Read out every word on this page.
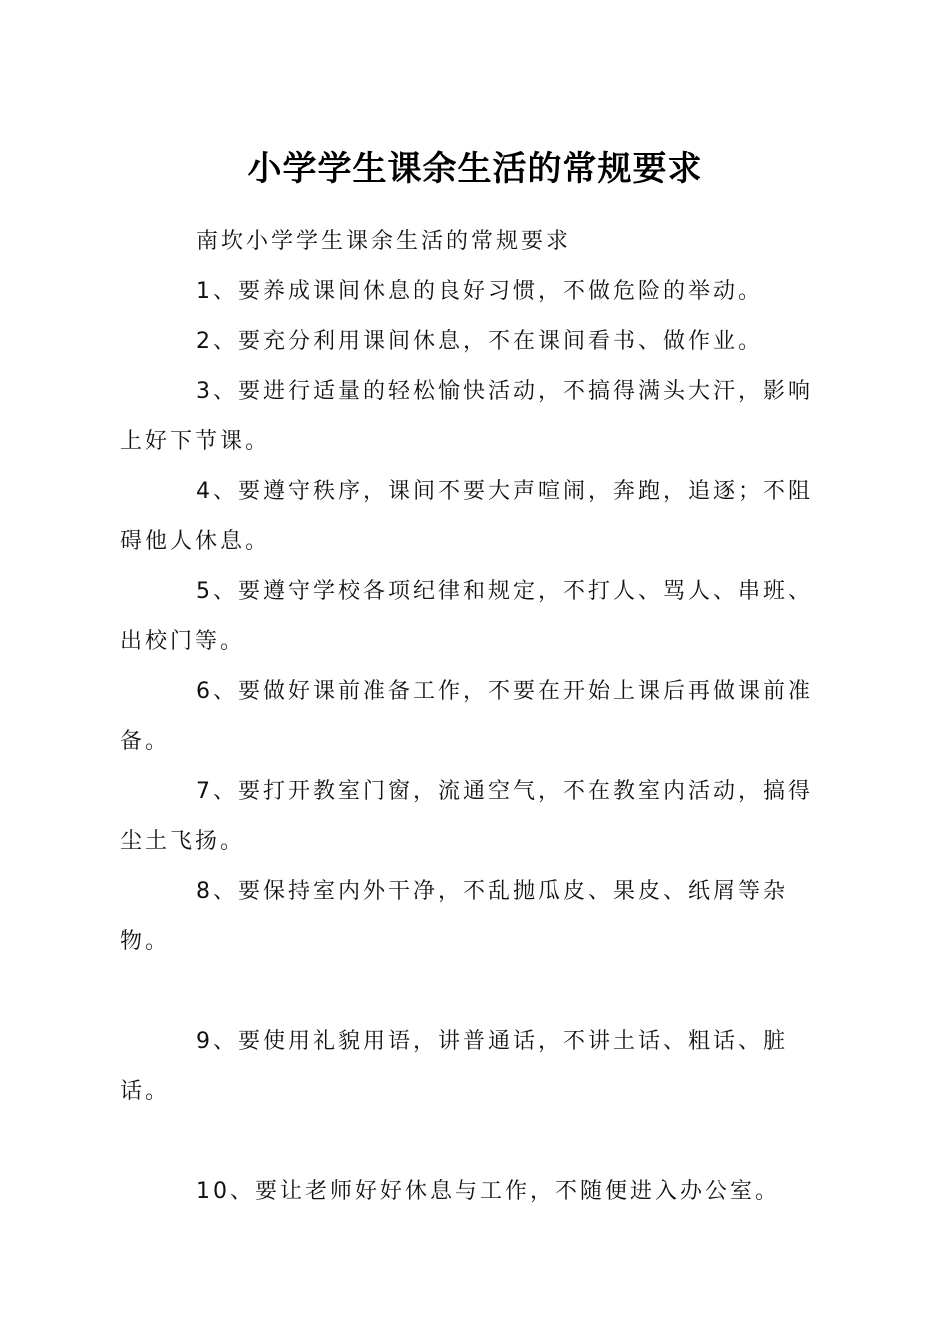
小学学生课余生活的常规要求

南坎小学学生课余生活的常规要求

1、要养成课间休息的良好习惯，不做危险的举动。

2、要充分利用课间休息，不在课间看书、做作业。

3、要进行适量的轻松愉快活动，不搞得满头大汗，影响上好下节课。

4、要遵守秩序，课间不要大声喧闹，奔跑，追逐；不阻碍他人休息。

5、要遵守学校各项纪律和规定，不打人、骂人、串班、出校门等。

6、要做好课前准备工作，不要在开始上课后再做课前准备。

7、要打开教室门窗，流通空气，不在教室内活动，搞得尘土飞扬。

8、要保持室内外干净，不乱抛瓜皮、果皮、纸屑等杂物。

9、要使用礼貌用语，讲普通话，不讲土话、粗话、脏话。

10、要让老师好好休息与工作，不随便进入办公室。
